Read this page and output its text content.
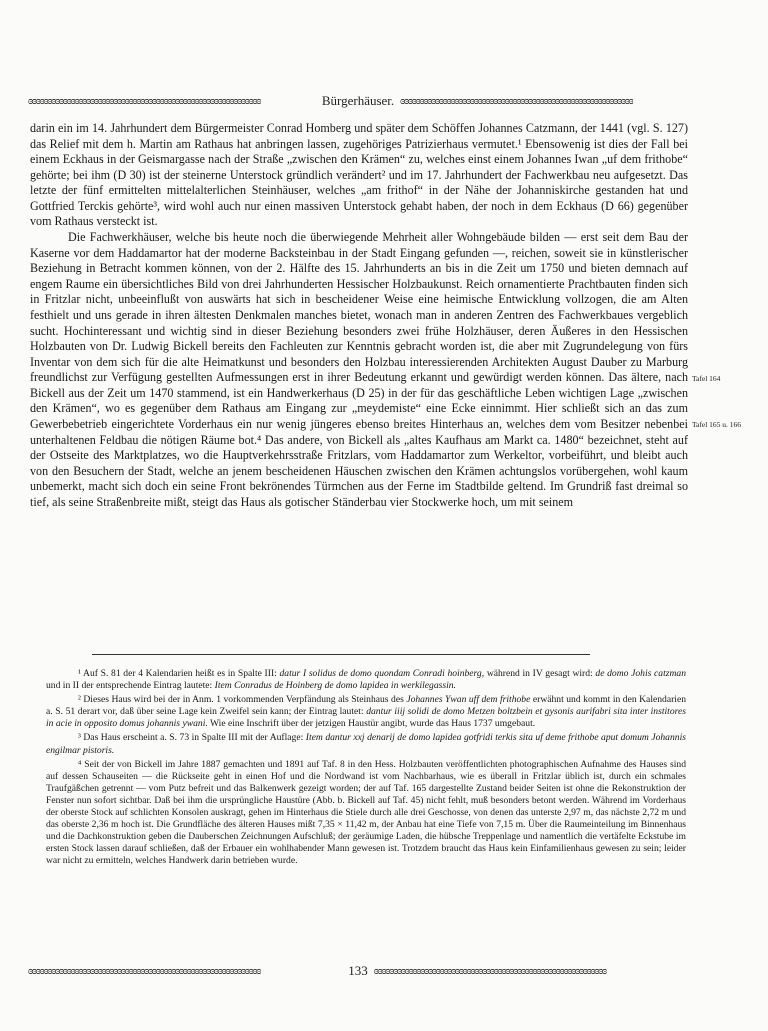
ɞɞɞɞɞɞɞɞɞɞɞɞɞɞɞɞɞɞɞɞɞɞɞɞɞɞɞɞɞɞɞɞɞɞɞɞɞɞɞɞɞɞɞɞɞɞɞɞɞɞɞɞɞɞɞɞɞɞɞɞ	Bürgerhäuser. ɞɞɞɞɞɞɞɞɞɞɞɞɞɞɞɞɞɞɞɞɞɞɞɞɞɞɞɞɞɞɞɞɞɞɞɞɞɞɞɞɞɞɞɞɞɞɞɞɞɞɞɞɞɞɞɞɞɞɞɞ

darin ein im 14. Jahrhundert dem Bürgermeister Conrad Homberg und später dem Schöffen Johannes Catzmann, der 1441 (vgl. S. 127) das Relief mit dem h. Martin am Rathaus hat anbringen lassen, zugehöriges Patrizierhaus vermutet.¹ Ebensowenig ist dies der Fall bei einem Eckhaus in der Geismargasse nach der Straße „zwischen den Krämen“ zu, welches einst einem Johannes Iwan „uf dem frithobe“ gehörte; bei ihm (D 30) ist der steinerne Unterstock gründlich verändert² und im 17. Jahrhundert der Fachwerkbau neu aufgesetzt. Das letzte der fünf ermittelten mittelalterlichen Steinhäuser, welches „am frithof“ in der Nähe der Johanniskirche gestanden hat und Gottfried Terckis gehörte³, wird wohl auch nur einen massiven Unterstock gehabt haben, der noch in dem Eckhaus (D 66) gegenüber vom Rathaus versteckt ist.

Die Fachwerkhäuser, welche bis heute noch die überwiegende Mehrheit aller Wohngebäude bilden — erst seit dem Bau der Kaserne vor dem Haddamartor hat der moderne Backsteinbau in der Stadt Eingang gefunden —, reichen, soweit sie in künstlerischer Beziehung in Betracht kommen können, von der 2. Hälfte des 15. Jahrhunderts an bis in die Zeit um 1750 und bieten demnach auf engem Raume ein übersichtliches Bild von drei Jahrhunderten Hessischer Holzbaukunst. Reich ornamentierte Prachtbauten finden sich in Fritzlar nicht, unbeeinflußt von auswärts hat sich in bescheidener Weise eine heimische Entwicklung vollzogen, die am Alten festhielt und uns gerade in ihren ältesten Denkmalen manches bietet, wonach man in anderen Zentren des Fachwerkbaues vergeblich sucht. Hochinteressant und wichtig sind in dieser Beziehung besonders zwei frühe Holzhäuser, deren Äußeres in den Hessischen Holzbauten von Dr. Ludwig Bickell bereits den Fachleuten zur Kenntnis gebracht worden ist, die aber mit Zugrundelegung von fürs Inventar von dem sich für die alte Heimatkunst und besonders den Holzbau interessierenden Architekten August Dauber zu Marburg freundlichst zur Verfügung gestellten Aufmessungen erst in ihrer Bedeutung erkannt und gewürdigt werden können. Das ältere, nach Bickell aus der Zeit um 1470 stammend, ist ein Handwerkerhaus (D 25) in der für das geschäftliche Leben wichtigen Lage „zwischen den Krämen“, wo es gegenüber dem Rathaus am Eingang zur „meydemiste“ eine Ecke einnimmt. Hier schließt sich an das zum Gewerbebetrieb eingerichtete Vorderhaus ein nur wenig jüngeres ebenso breites Hinterhaus an, welches dem vom Besitzer nebenbei unterhaltenen Feldbau die nötigen Räume bot.⁴ Das andere, von Bickell als „altes Kaufhaus am Markt ca. 1480“ bezeichnet, steht auf der Ostseite des Marktplatzes, wo die Hauptverkehrsstraße Fritzlars, vom Haddamartor zum Werkeltor, vorbeiführt, und bleibt auch von den Besuchern der Stadt, welche an jenem bescheidenen Häuschen zwischen den Krämen achtungslos vorübergehen, wohl kaum unbemerkt, macht sich doch ein seine Front bekrönendes Türmchen aus der Ferne im Stadtbilde geltend. Im Grundriß fast dreimal so tief, als seine Straßenbreite mißt, steigt das Haus als gotischer Ständerbau vier Stockwerke hoch, um mit seinem

Tafel 164
Tafel 165 u. 166

¹ Auf S. 81 der 4 Kalendarien heißt es in Spalte III: datur I solidus de domo quondam Conradi hoinberg, während in IV gesagt wird: de domo Johis catzman und in II der entsprechende Eintrag lautete: Item Conradus de Hoinberg de domo lapidea in werkilegassin.

² Dieses Haus wird bei der in Anm. 1 vorkommenden Verpfändung als Steinhaus des Johannes Ywan uff dem frithobe erwähnt und kommt in den Kalendarien a. S. 51 derart vor, daß über seine Lage kein Zweifel sein kann; der Eintrag lautet: dantur iiij solidi de domo Metzen boltzbein et gysonis aurifabri sita inter institores in acie in opposito domus johannis ywani. Wie eine Inschrift über der jetzigen Haustür angibt, wurde das Haus 1737 umgebaut.

³ Das Haus erscheint a. S. 73 in Spalte III mit der Auflage: Item dantur xxj denarij de domo lapidea gotfridi terkis sita uf deme frithobe aput domum Johannis engilmar pistoris.

⁴ Seit der von Bickell im Jahre 1887 gemachten und 1891 auf Taf. 8 in den Hess. Holzbauten veröffentlichten photographischen Aufnahme des Hauses sind auf dessen Schauseiten — die Rückseite geht in einen Hof und die Nordwand ist vom Nachbarhaus, wie es überall in Fritzlar üblich ist, durch ein schmales Traufgäßchen getrennt — vom Putz befreit und das Balkenwerk gezeigt worden; der auf Taf. 165 dargestellte Zustand beider Seiten ist ohne die Rekonstruktion der Fenster nun sofort sichtbar. Daß bei ihm die ursprüngliche Haustüre (Abb. b. Bickell auf Taf. 45) nicht fehlt, muß besonders betont werden. Während im Vorderhaus der oberste Stock auf schlichten Konsolen auskragt, gehen im Hinterhaus die Stiele durch alle drei Geschosse, von denen das unterste 2,97 m, das nächste 2,72 m und das oberste 2,36 m hoch ist. Die Grundfläche des älteren Hauses mißt 7,35 × 11,42 m, der Anbau hat eine Tiefe von 7,15 m. Über die Raumeinteilung im Binnenhaus und die Dachkonstruktion geben die Dauberschen Zeichnungen Aufschluß; der geräumige Laden, die hübsche Treppenlage und namentlich die vertäfelte Eckstube im ersten Stock lassen darauf schließen, daß der Erbauer ein wohlhabender Mann gewesen ist. Trotzdem braucht das Haus kein Einfamilienhaus gewesen zu sein; leider war nicht zu ermitteln, welches Handwerk darin betrieben wurde.

ɞɞɞɞɞɞɞɞɞɞɞɞɞɞɞɞɞɞɞɞɞɞɞɞɞɞɞɞɞɞɞɞɞɞɞɞɞɞɞɞɞɞɞɞɞɞɞɞɞɞɞɞɞɞɞɞɞɞɞɞ	133 ɞɞɞɞɞɞɞɞɞɞɞɞɞɞɞɞɞɞɞɞɞɞɞɞɞɞɞɞɞɞɞɞɞɞɞɞɞɞɞɞɞɞɞɞɞɞɞɞɞɞɞɞɞɞɞɞɞɞɞɞ
